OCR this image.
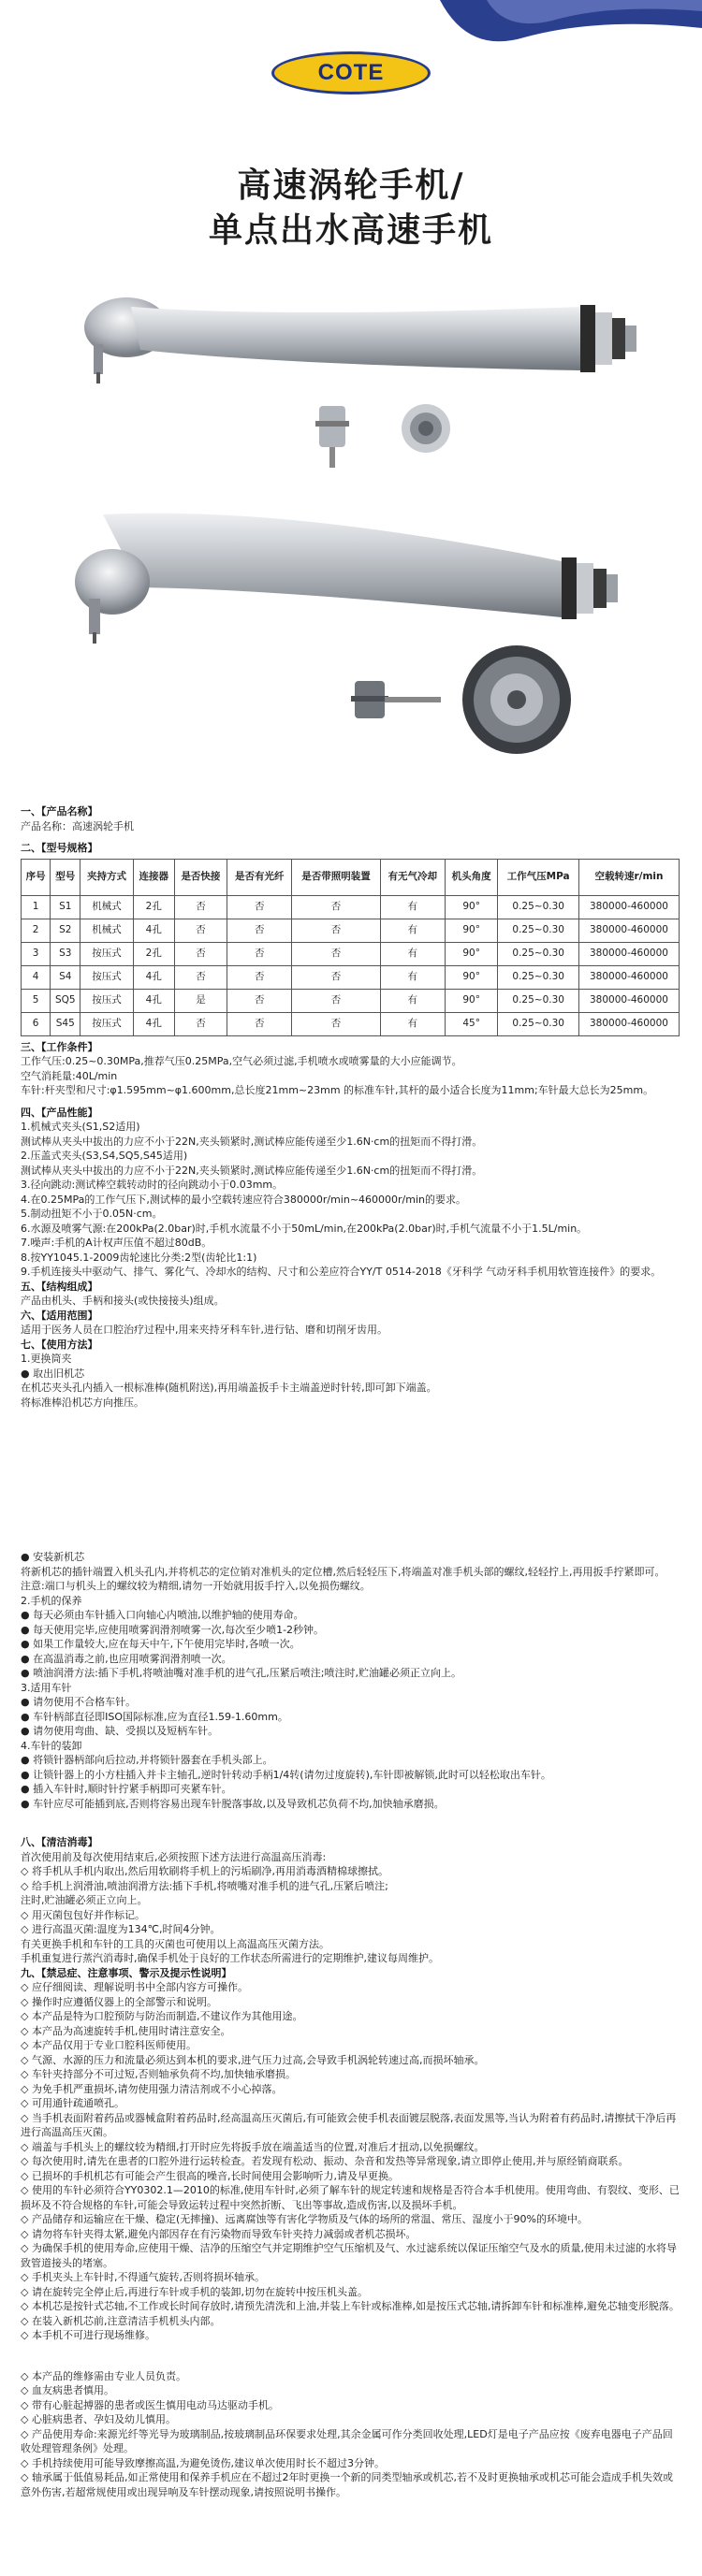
COTE
高速涡轮手机/
单点出水高速手机

一、【产品名称】

产品名称：高速涡轮手机

二、【型号规格】

序号	型号	夹持方式	连接器	是否快接	是否有光纤	是否带照明装置	有无气冷却	机头角度	工作气压MPa	空载转速r/min
1	S1	机械式	2孔	否	否	否	有	90°	0.25~0.30	380000-460000
2	S2	机械式	4孔	否	否	否	有	90°	0.25~0.30	380000-460000
3	S3	按压式	2孔	否	否	否	有	90°	0.25~0.30	380000-460000
4	S4	按压式	4孔	否	否	否	有	90°	0.25~0.30	380000-460000
5	SQ5	按压式	4孔	是	否	否	有	90°	0.25~0.30	380000-460000
6	S45	按压式	4孔	否	否	否	有	45°	0.25~0.30	380000-460000

三、【工作条件】

工作气压:0.25~0.30MPa,推荐气压0.25MPa,空气必须过滤,手机喷水或喷雾量的大小应能调节。

空气消耗量:40L/min

车针:杆夹型和尺寸:φ1.595mm~φ1.600mm,总长度21mm~23mm 的标准车针,其杆的最小适合长度为11mm;车针最大总长为25mm。

四、【产品性能】

1.机械式夹头(S1,S2适用)

测试棒从夹头中拔出的力应不小于22N,夹头锁紧时,测试棒应能传递至少1.6N·cm的扭矩而不得打滑。

2.压盖式夹头(S3,S4,SQ5,S45适用)

测试棒从夹头中拔出的力应不小于22N,夹头锁紧时,测试棒应能传递至少1.6N·cm的扭矩而不得打滑。

3.径向跳动:测试棒空载转动时的径向跳动小于0.03mm。

4.在0.25MPa的工作气压下,测试棒的最小空载转速应符合380000r/min~460000r/min的要求。

5.制动扭矩不小于0.05N·cm。

6.水源及喷雾气源:在200kPa(2.0bar)时,手机水流量不小于50mL/min,在200kPa(2.0bar)时,手机气流量不小于1.5L/min。

7.噪声:手机的A计权声压值不超过80dB。

8.按YY1045.1-2009齿轮速比分类:2型(齿轮比1:1)

9.手机连接头中驱动气、排气、雾化气、冷却水的结构、尺寸和公差应符合YY/T 0514-2018《牙科学 气动牙科手机用软管连接件》的要求。

五、【结构组成】

产品由机头、手柄和接头(或快接接头)组成。

六、【适用范围】

适用于医务人员在口腔治疗过程中,用来夹持牙科车针,进行钻、磨和切削牙齿用。

七、【使用方法】

1.更换筒夹

● 取出旧机芯

在机芯夹头孔内插入一根标准棒(随机附送),再用端盖扳手卡主端盖逆时针转,即可卸下端盖。

将标准棒沿机芯方向推压。

● 安装新机芯

将新机芯的插针端置入机头孔内,并将机芯的定位销对准机头的定位槽,然后轻轻压下,将端盖对准手机头部的螺纹,轻轻拧上,再用扳手拧紧即可。

注意:端口与机头上的螺纹较为精细,请勿一开始就用扳手拧入,以免损伤螺纹。

2.手机的保养

● 每天必须由车针插入口向轴心内喷油,以维护轴的使用寿命。

● 每天使用完毕,应使用喷雾润滑剂喷雾一次,每次至少喷1-2秒钟。

● 如果工作量较大,应在每天中午,下午使用完毕时,各喷一次。

● 在高温消毒之前,也应用喷雾润滑剂喷一次。

● 喷油润滑方法:插下手机,将喷油嘴对准手机的进气孔,压紧后喷注;喷注时,贮油罐必须正立向上。

3.适用车针

● 请勿使用不合格车针。

● 车针柄部直径即ISO国际标准,应为直径1.59-1.60mm。

● 请勿使用弯曲、缺、受损以及短柄车针。

4.车针的装卸

● 将锁针器柄部向后拉动,并将锁针器套在手机头部上。

● 让锁针器上的小方柱插入并卡主轴孔,逆时针转动手柄1/4转(请勿过度旋转),车针即被解锁,此时可以轻松取出车针。

● 插入车针时,顺时针拧紧手柄即可夹紧车针。

● 车针应尽可能插到底,否则将容易出现车针脱落事故,以及导致机芯负荷不均,加快轴承磨损。

八、【清洁消毒】

首次使用前及每次使用结束后,必须按照下述方法进行高温高压消毒:

◇ 将手机从手机内取出,然后用软刷将手机上的污垢刷净,再用消毒酒精棉球擦拭。

◇ 给手机上润滑油,喷油润滑方法:插下手机,将喷嘴对准手机的进气孔,压紧后喷注;

注时,贮油罐必须正立向上。

◇ 用灭菌包包好并作标记。

◇ 进行高温灭菌:温度为134℃,时间4分钟。

有关更换手机和车针的工具的灭菌也可使用以上高温高压灭菌方法。

手机重复进行蒸汽消毒时,确保手机处于良好的工作状态所需进行的定期维护,建议每周维护。

九、【禁忌症、注意事项、警示及提示性说明】

◇ 应仔细阅读、理解说明书中全部内容方可操作。

◇ 操作时应遵循仪器上的全部警示和说明。

◇ 本产品是特为口腔预防与防治而制造,不建议作为其他用途。

◇ 本产品为高速旋转手机,使用时请注意安全。

◇ 本产品仅用于专业口腔科医师使用。

◇ 气源、水源的压力和流量必须达到本机的要求,进气压力过高,会导致手机涡轮转速过高,而损坏轴承。

◇ 车针夹持部分不可过短,否则轴承负荷不均,加快轴承磨损。

◇ 为免手机严重损坏,请勿使用强力清洁剂或不小心掉落。

◇ 可用通针疏通喷孔。

◇ 当手机表面附着药品或器械盒附着药品时,经高温高压灭菌后,有可能致会使手机表面镀层脱落,表面发黑等,当认为附着有药品时,请擦拭干净后再进行高温高压灭菌。

◇ 端盖与手机头上的螺纹较为精细,打开时应先将扳手放在端盖适当的位置,对准后才扭动,以免损螺纹。

◇ 每次使用时,请先在患者的口腔外进行运转检查。若发现有松动、振动、杂音和发热等异常现象,请立即停止使用,并与原经销商联系。

◇ 已损坏的手机机芯有可能会产生很高的噪音,长时间使用会影响听力,请及早更换。

◇ 使用的车针必须符合YY0302.1—2010的标准,使用车针时,必须了解车针的规定转速和规格是否符合本手机使用。使用弯曲、有裂纹、变形、已损坏及不符合规格的车针,可能会导致运转过程中突然折断、飞出等事故,造成伤害,以及损坏手机。

◇ 产品储存和运输应在干燥、稳定(无摔撞)、远离腐蚀等有害化学物质及气体的场所的常温、常压、湿度小于90%的环境中。

◇ 请勿将车针夹得太紧,避免内部因存在有污染物而导致车针夹持力减弱或者机芯损坏。

◇ 为确保手机的使用寿命,应使用干燥、洁净的压缩空气并定期维护空气压缩机及气、水过滤系统以保证压缩空气及水的质量,使用未过滤的水将导致管道接头的堵塞。

◇ 手机夹头上车针时,不得通气旋转,否则将损坏轴承。

◇ 请在旋转完全停止后,再进行车针或手机的装卸,切勿在旋转中按压机头盖。

◇ 本机芯是按针式芯轴,不工作或长时间存放时,请预先清洗和上油,并装上车针或标准棒,如是按压式芯轴,请拆卸车针和标准棒,避免芯轴变形脱落。

◇ 在装入新机芯前,注意清洁手机机头内部。

◇ 本手机不可进行现场维修。

◇ 本产品的维修需由专业人员负责。

◇ 血友病患者慎用。

◇ 带有心脏起搏器的患者或医生慎用电动马达驱动手机。

◇ 心脏病患者、孕妇及幼儿慎用。

◇ 产品使用寿命:来源光纤等光导为玻璃制品,按玻璃制品环保要求处理,其余金属可作分类回收处理,LED灯是电子产品应按《废弃电器电子产品回收处理管理条例》处理。

◇ 手机持续使用可能导致摩擦高温,为避免烫伤,建议单次使用时长不超过3分钟。

◇ 轴承属于低值易耗品,如正常使用和保养手机应在不超过2年时更换一个新的同类型轴承或机芯,若不及时更换轴承或机芯可能会造成手机失效或意外伤害,若超常规使用或出现异响及车针摆动现象,请按照说明书操作。
